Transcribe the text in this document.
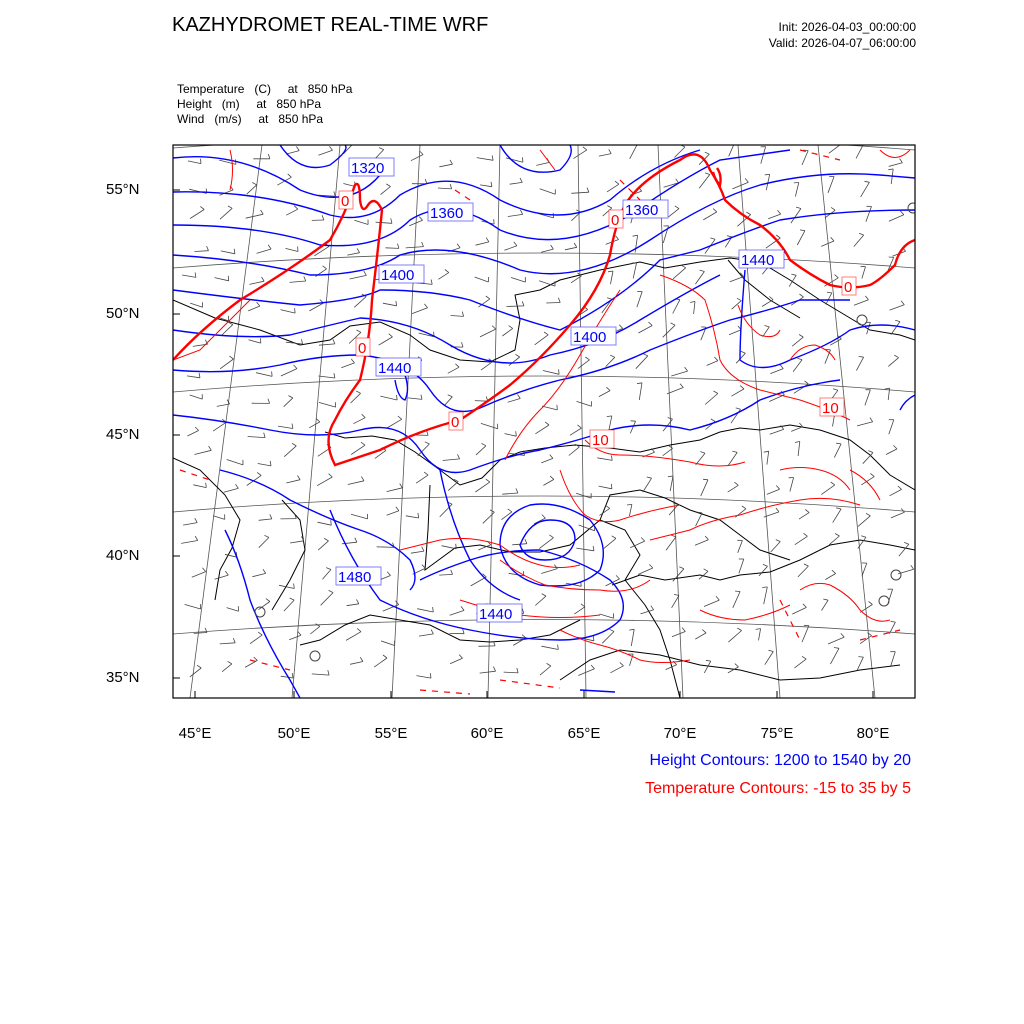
KAZHYDROMET REAL-TIME WRF	Init: 2026-04-03_00:00:00
Valid: 2026-04-07_06:00:00
Temperature   (C)     at   850 hPa
Height   (m)     at   850 hPa
Wind   (m/s)     at   850 hPa
1320
1360	1360
1400
1400
1440
1440
1440
1480
0
0
0
0
10
10
0
55°N
50°N
45°N
40°N
35°N
45°E	50°E	55°E	60°E	65°E	70°E	75°E	80°E
Height Contours: 1200 to 1540 by 20
Temperature Contours: -15 to 35 by 5
